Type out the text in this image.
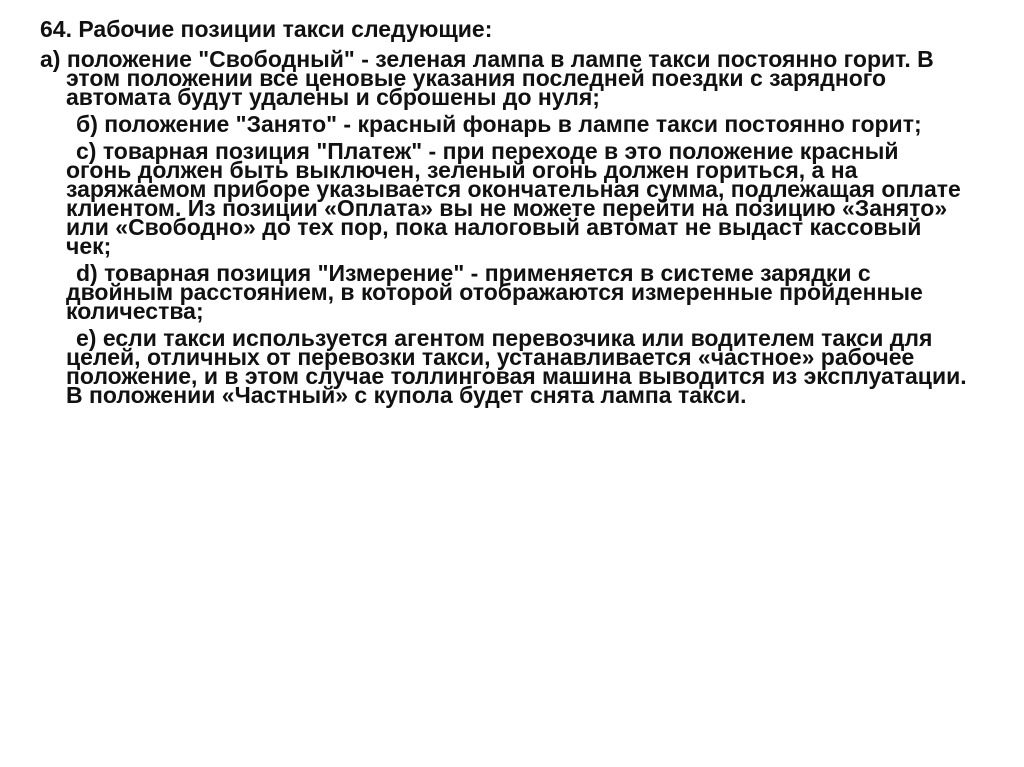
64. Рабочие позиции такси следующие:
а) положение "Свободный" - зеленая лампа в лампе такси постоянно горит. В этом положении все ценовые указания последней поездки с зарядного автомата будут удалены и сброшены до нуля;
б) положение "Занято" - красный фонарь в лампе такси постоянно горит;
с) товарная позиция "Платеж" - при переходе в это положение красный огонь должен быть выключен, зеленый огонь должен гориться, а на заряжаемом приборе указывается окончательная сумма, подлежащая оплате клиентом. Из позиции «Оплата» вы не можете перейти на позицию «Занято» или «Свободно» до тех пор, пока налоговый автомат не выдаст кассовый чек;
d) товарная позиция "Измерение" - применяется в системе зарядки с двойным расстоянием, в которой отображаются измеренные пройденные количества;
е) если такси используется агентом перевозчика или водителем такси для целей, отличных от перевозки такси, устанавливается «частное» рабочее положение, и в этом случае толлинговая машина выводится из эксплуатации. В положении «Частный» с купола будет снята лампа такси.
